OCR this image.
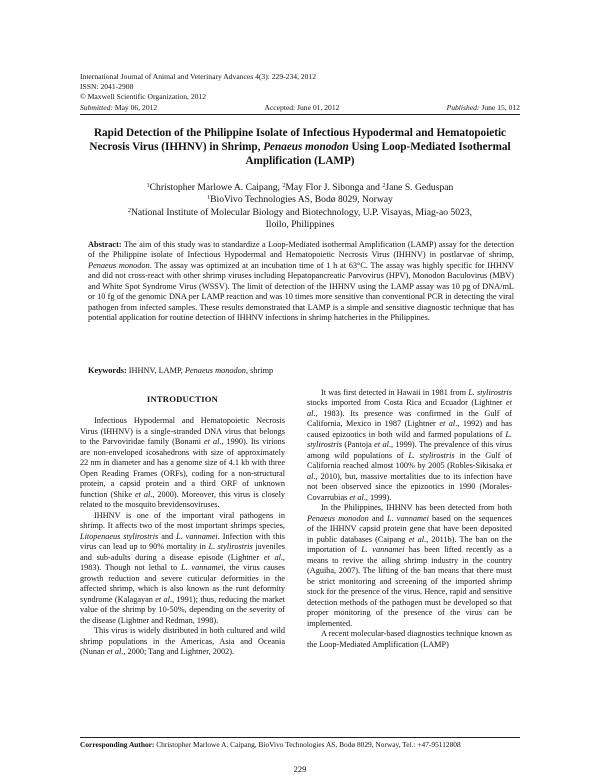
International Journal of Animal and Veterinary Advances 4(3): 229-234, 2012
ISSN: 2041-2908
© Maxwell Scientific Organization, 2012
Submitted: May 06, 2012	Accepted: June 01, 2012	Published: June 15, 012
Rapid Detection of the Philippine Isolate of Infectious Hypodermal and Hematopoietic Necrosis Virus (IHHNV) in Shrimp, Penaeus monodon Using Loop-Mediated Isothermal Amplification (LAMP)
$^1$Christopher Marlowe A. Caipang, $^2$May Flor J. Sibonga and $^2$Jane S. Geduspan
$^1$BioVivo Technologies AS, Bodø 8029, Norway
$^2$National Institute of Molecular Biology and Biotechnology, U.P. Visayas, Miag-ao 5023,
Iloilo, Philippines
Abstract: The aim of this study was to standardize a Loop-Mediated isothermal Amplification (LAMP) assay for the detection of the Philippine isolate of Infectious Hypodermal and Hematopoietic Necrosis Virus (IHHNV) in postlarvae of shrimp, Penaeus monodon. The assay was optimized at an incubation time of 1 h at 63°C. The assay was highly specific for IHHNV and did not cross-react with other shrimp viruses including Hepatopancreatic Parvovirus (HPV), Monodon Baculovirus (MBV) and White Spot Syndrome Virus (WSSV). The limit of detection of the IHHNV using the LAMP assay was 10 pg of DNA/mL or 10 fg of the genomic DNA per LAMP reaction and was 10 times more sensitive than conventional PCR in detecting the viral pathogen from infected samples. These results demonstrated that LAMP is a simple and sensitive diagnostic technique that has potential application for routine detection of IHHNV infections in shrimp hatcheries in the Philippines.
Keywords: IHHNV, LAMP, Penaeus monodon, shrimp
INTRODUCTION

Infectious Hypodermal and Hematopoietic Necrosis Virus (IHHNV) is a single-stranded DNA virus that belongs to the Parvoviridae family (Bonami et al., 1990). Its virions are non-enveloped icosahedrons with size of approximately 22 nm in diameter and has a genome size of 4.1 kb with three Open Reading Frames (ORFs), coding for a non-structural protein, a capsid protein and a third ORF of unknown function (Shike et al., 2000). Moreover, this virus is closely related to the mosquito brevidensoviruses.

IHHNV is one of the important viral pathogens in shrimp. It affects two of the most important shrimps species, Litopenaeus stylirostris and L. vannamei. Infection with this virus can lead up to 90% mortality in L. stylirostris juveniles and sub-adults during a disease episode (Lightner et al., 1983). Though not lethal to L. vannamei, the virus causes growth reduction and severe cuticular deformities in the affected shrimp, which is also known as the runt deformity syndrome (Kalagayan et al., 1991); thus, reducing the market value of the shrimp by 10-50%, depending on the severity of the disease (Lightner and Redman, 1998).

This virus is widely distributed in both cultured and wild shrimp populations in the Americas, Asia and Oceania (Nunan et al., 2000; Tang and Lightner, 2002).

It was first detected in Hawaii in 1981 from L. stylirostris stocks imported from Costa Rica and Ecuador (Lightner et al., 1983). Its presence was confirmed in the Gulf of California, Mexico in 1987 (Lightner et al., 1992) and has caused epizootics in both wild and farmed populations of L. stylirostris (Pantoja et al., 1999). The prevalence of this virus among wild populations of L. stylirostris in the Gulf of California reached almost 100% by 2005 (Robles-Sikisaka et al., 2010), but, massive mortalities due to its infection have not been observed since the epizootics in 1990 (Morales-Covarrubias et al., 1999).

In the Philippines, IHHNV has been detected from both Penaeus monodon and L. vannamei based on the sequences of the IHHNV capsid protein gene that have been deposited in public databases (Caipang et al., 2011b). The ban on the importation of L. vannamei has been lifted recently as a means to revive the ailing shrimp industry in the country (Aguiba, 2007). The lifting of the ban means that there must be strict monitoring and screening of the imported shrimp stock for the presence of the virus. Hence, rapid and sensitive detection methods of the pathogen must be developed so that proper monitoring of the presence of the virus can be implemented.

A recent molecular-based diagnostics technique known as the Loop-Mediated Amplification (LAMP)

Corresponding Author: Christopher Marlowe A. Caipang, BioVivo Technologies AS, Bodø 8029, Norway, Tel.: +47-95112808
229
